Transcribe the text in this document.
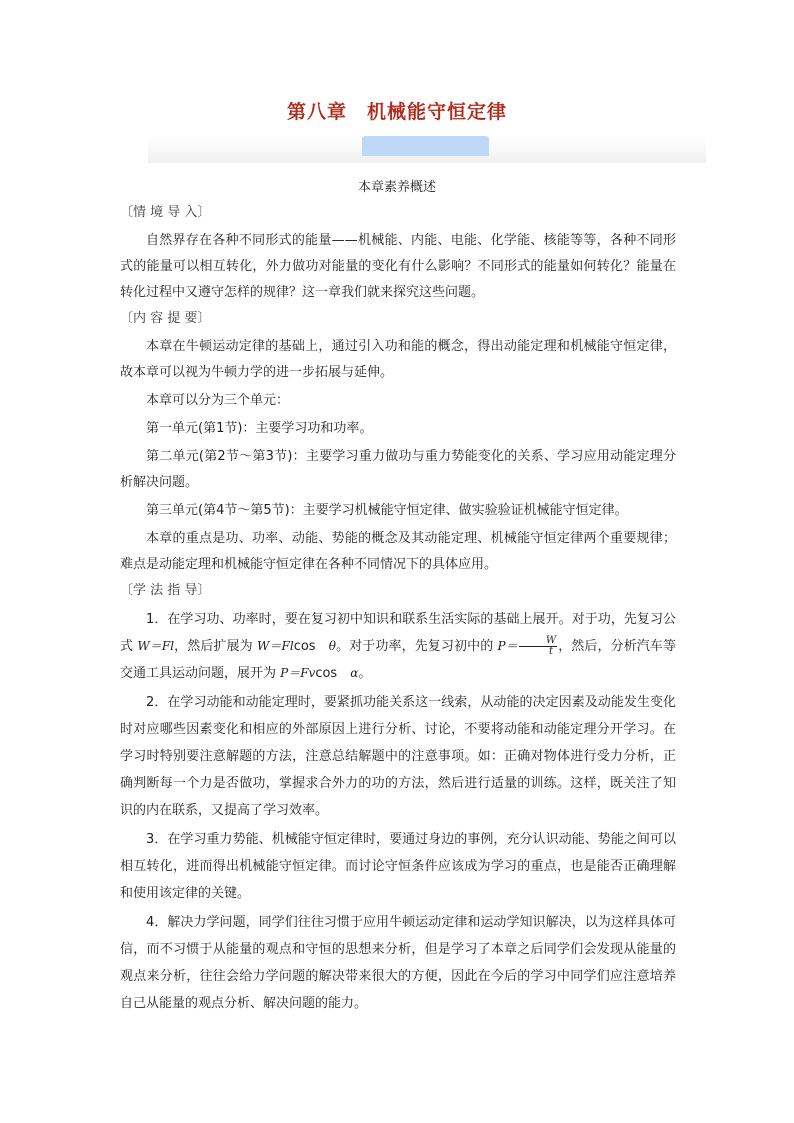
第八章　机械能守恒定律
本章素养概述
〔情 境 导 入〕

自然界存在各种不同形式的能量——机械能、内能、电能、化学能、核能等等，各种不同形式的能量可以相互转化，外力做功对能量的变化有什么影响？不同形式的能量如何转化？能量在转化过程中又遵守怎样的规律？这一章我们就来探究这些问题。

〔内 容 提 要〕

本章在牛顿运动定律的基础上，通过引入功和能的概念，得出动能定理和机械能守恒定律，故本章可以视为牛顿力学的进一步拓展与延伸。

本章可以分为三个单元：

第一单元(第1节)：主要学习功和功率。

第二单元(第2节～第3节)：主要学习重力做功与重力势能变化的关系、学习应用动能定理分析解决问题。

第三单元(第4节～第5节)：主要学习机械能守恒定律、做实验验证机械能守恒定律。

本章的重点是功、功率、动能、势能的概念及其动能定理、机械能守恒定律两个重要规律；难点是动能定理和机械能守恒定律在各种不同情况下的具体应用。

〔学 法 指 导〕

1．在学习功、功率时，要在复习初中知识和联系生活实际的基础上展开。对于功，先复习公式 W＝Fl，然后扩展为 W＝Flcos　θ。对于功率，先复习初中的 $P= \frac{W}{t}$ ，然后，分析汽车等交通工具运动问题，展开为 P＝Fvcos　α。

2．在学习动能和动能定理时，要紧抓功能关系这一线索，从动能的决定因素及动能发生变化时对应哪些因素变化和相应的外部原因上进行分析、讨论，不要将动能和动能定理分开学习。在学习时特别要注意解题的方法，注意总结解题中的注意事项。如：正确对物体进行受力分析，正确判断每一个力是否做功，掌握求合外力的功的方法，然后进行适量的训练。这样，既关注了知识的内在联系，又提高了学习效率。

3．在学习重力势能、机械能守恒定律时，要通过身边的事例，充分认识动能、势能之间可以相互转化，进而得出机械能守恒定律。而讨论守恒条件应该成为学习的重点，也是能否正确理解和使用该定律的关键。

4．解决力学问题，同学们往往习惯于应用牛顿运动定律和运动学知识解决，以为这样具体可信，而不习惯于从能量的观点和守恒的思想来分析，但是学习了本章之后同学们会发现从能量的观点来分析，往往会给力学问题的解决带来很大的方便，因此在今后的学习中同学们应注意培养自己从能量的观点分析、解决问题的能力。
